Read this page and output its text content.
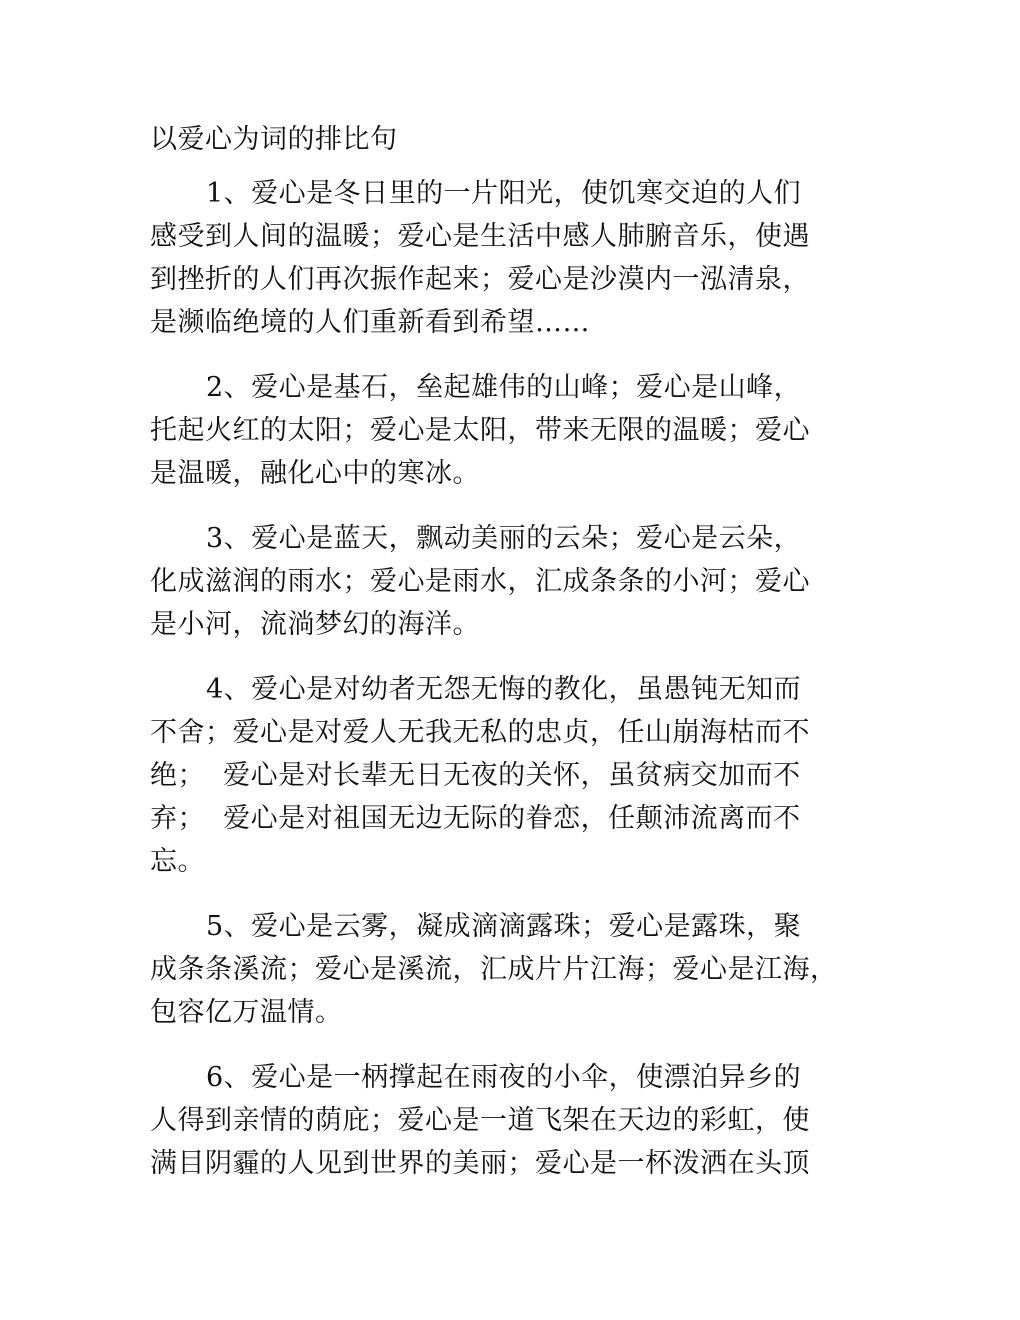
以爱心为词的排比句
1、爱心是冬日里的一片阳光，使饥寒交迫的人们
感受到人间的温暖；爱心是生活中感人肺腑音乐，使遇
到挫折的人们再次振作起来；爱心是沙漠内一泓清泉，
是濒临绝境的人们重新看到希望……
2、爱心是基石，垒起雄伟的山峰；爱心是山峰，
托起火红的太阳；爱心是太阳，带来无限的温暖；爱心
是温暖，融化心中的寒冰。
3、爱心是蓝天，飘动美丽的云朵；爱心是云朵，
化成滋润的雨水；爱心是雨水，汇成条条的小河；爱心
是小河，流淌梦幻的海洋。
4、爱心是对幼者无怨无悔的教化，虽愚钝无知而
不舍；爱心是对爱人无我无私的忠贞，任山崩海枯而不
绝；  爱心是对长辈无日无夜的关怀，虽贫病交加而不
弃；  爱心是对祖国无边无际的眷恋，任颠沛流离而不
忘。
5、爱心是云雾，凝成滴滴露珠；爱心是露珠，聚
成条条溪流；爱心是溪流，汇成片片江海；爱心是江海，
包容亿万温情。
6、爱心是一柄撑起在雨夜的小伞，使漂泊异乡的
人得到亲情的荫庇；爱心是一道飞架在天边的彩虹，使
满目阴霾的人见到世界的美丽；爱心是一杯泼洒在头顶
